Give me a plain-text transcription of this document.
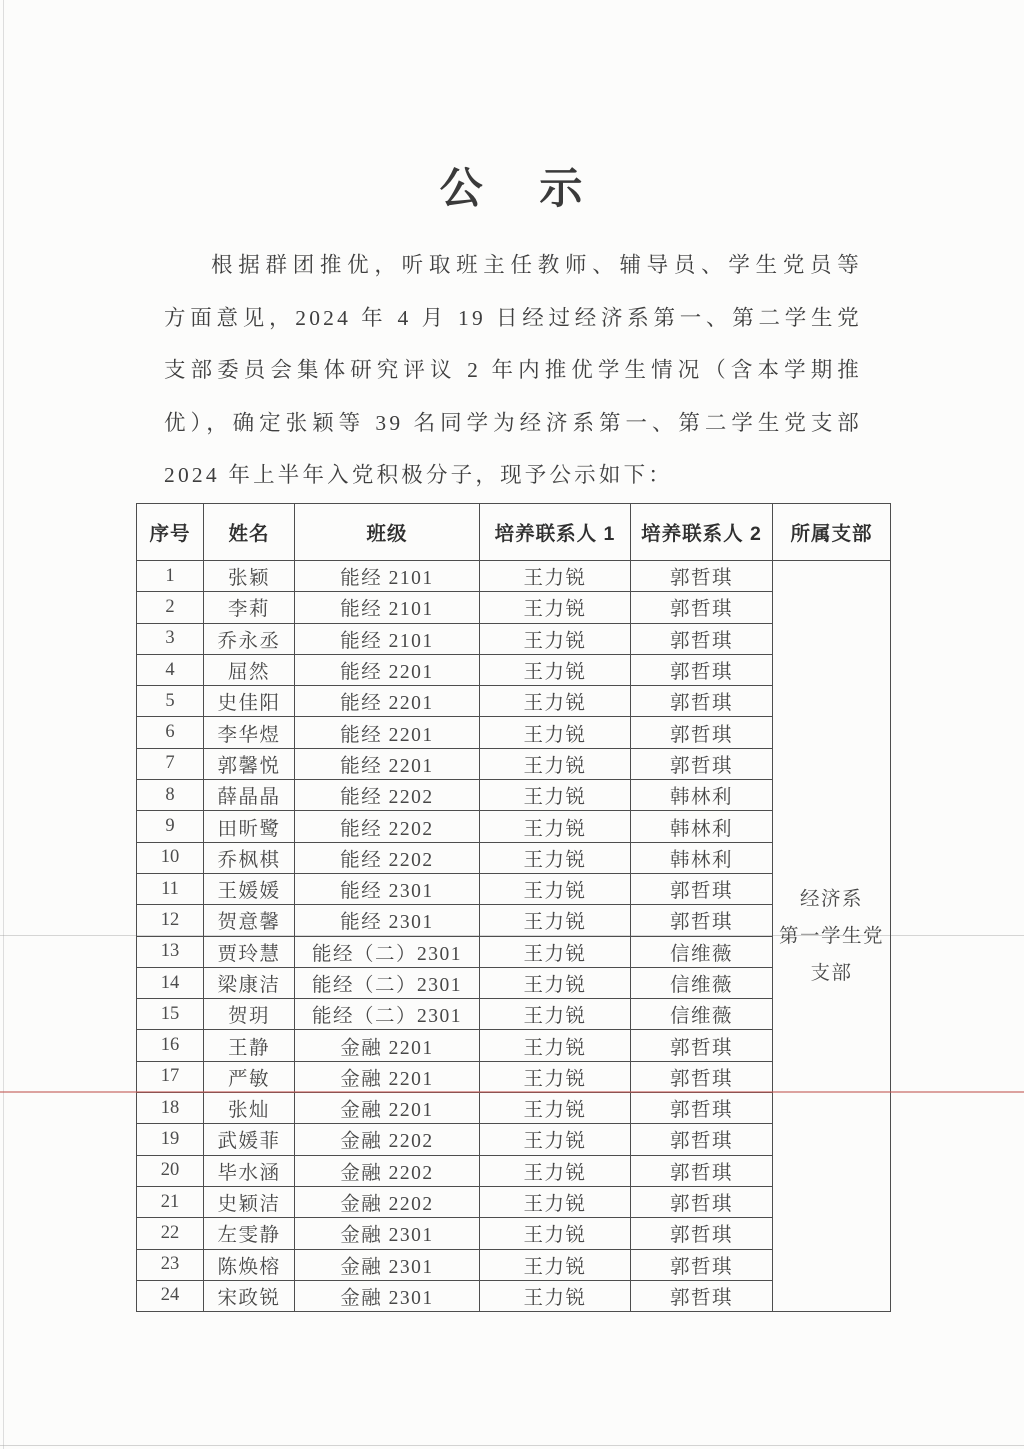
公 示
根据群团推优，听取班主任教师、辅导员、学生党员等
方面意见，2024 年 4 月 19 日经过经济系第一、第二学生党
支部委员会集体研究评议 2 年内推优学生情况（含本学期推
优），确定张颖等 39 名同学为经济系第一、第二学生党支部
2024 年上半年入党积极分子，现予公示如下：
序号	姓名	班级	培养联系人 1	培养联系人 2	所属支部
1	张颖	能经 2101	王力锐	郭哲琪	经济系
第一学生党
支部

2	李莉	能经 2101	王力锐	郭哲琪	
3	乔永丞	能经 2101	王力锐	郭哲琪	
4	屈然	能经 2201	王力锐	郭哲琪	
5	史佳阳	能经 2201	王力锐	郭哲琪	
6	李华煜	能经 2201	王力锐	郭哲琪	
7	郭馨悦	能经 2201	王力锐	郭哲琪	
8	薛晶晶	能经 2202	王力锐	韩林利	
9	田昕鹭	能经 2202	王力锐	韩林利	
10	乔枫棋	能经 2202	王力锐	韩林利	
11	王媛媛	能经 2301	王力锐	郭哲琪	
12	贺意馨	能经 2301	王力锐	郭哲琪	
13	贾玲慧	能经（二）2301	王力锐	信维薇	
14	梁康洁	能经（二）2301	王力锐	信维薇	
15	贺玥	能经（二）2301	王力锐	信维薇	
16	王静	金融 2201	王力锐	郭哲琪	
17	严敏	金融 2201	王力锐	郭哲琪	
18	张灿	金融 2201	王力锐	郭哲琪	
19	武媛菲	金融 2202	王力锐	郭哲琪	
20	毕水涵	金融 2202	王力锐	郭哲琪	
21	史颖洁	金融 2202	王力锐	郭哲琪	
22	左雯静	金融 2301	王力锐	郭哲琪	
23	陈焕榕	金融 2301	王力锐	郭哲琪	
24	宋政锐	金融 2301	王力锐	郭哲琪	
